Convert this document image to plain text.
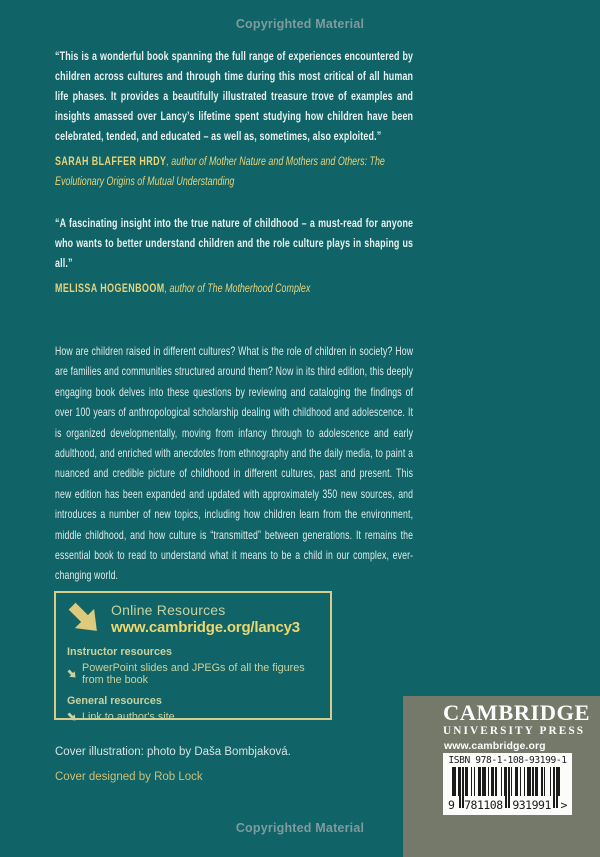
Copyrighted Material

“This is a wonderful book spanning the full range of experiences encountered by children across cultures and through time during this most critical of all human life phases. It provides a beautifully illustrated treasure trove of examples and insights amassed over Lancy’s lifetime spent studying how children have been celebrated, tended, and educated – as well as, sometimes, also exploited.”

SARAH BLAFFER HRDY, author of Mother Nature and Mothers and Others: The Evolutionary Origins of Mutual Understanding

“A fascinating insight into the true nature of childhood – a must-read for anyone who wants to better understand children and the role culture plays in shaping us all.”

MELISSA HOGENBOOM, author of The Motherhood Complex

How are children raised in different cultures? What is the role of children in society? How are families and communities structured around them? Now in its third edition, this deeply engaging book delves into these questions by reviewing and cataloging the findings of over 100 years of anthropological scholarship dealing with childhood and adolescence. It is organized developmentally, moving from infancy through to adolescence and early adulthood, and enriched with anecdotes from ethnography and the daily media, to paint a nuanced and credible picture of childhood in different cultures, past and present. This new edition has been expanded and updated with approximately 350 new sources, and introduces a number of new topics, including how children learn from the environment, middle childhood, and how culture is “transmitted” between generations. It remains the essential book to read to understand what it means to be a child in our complex, ever-changing world.

Online Resources
www.cambridge.org/lancy3
Instructor resources
PowerPoint slides and JPEGs of all the figures from the book
General resources
Link to author's site
Cover illustration: photo by Daša Bombjaková.
Cover designed by Rob Lock
CAMBRIDGE
UNIVERSITY PRESS
www.cambridge.org
ISBN 978-1-108-93199-1
9 781108 931991 >
Copyrighted Material
